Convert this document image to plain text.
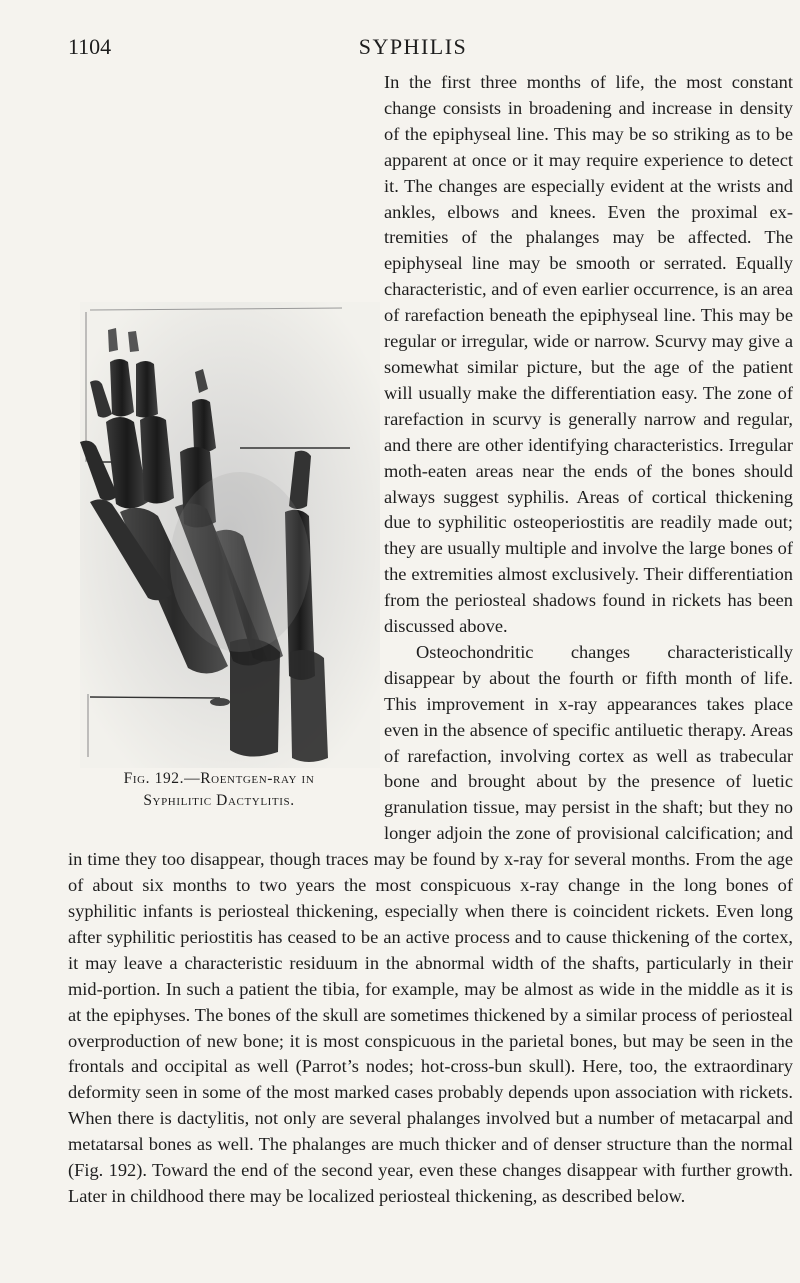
1104	SYPHILIS

Fig. 192.—Roentgen-ray in
Syphilitic Dactylitis.
In the first three months of life, the most constant change consists in broadening and increase in density of the epiphyseal line. This may be so striking as to be apparent at once or it may require experience to detect it. The changes are especially evident at the wrists and ankles, elbows and knees. Even the proximal extremities of the phalanges may be affected. The epiphyseal line may be smooth or serrated. Equally characteristic, and of even earlier occurrence, is an area of rarefaction beneath the epiphyseal line. This may be regular or irregular, wide or narrow. Scurvy may give a somewhat similar picture, but the age of the patient will usually make the differentiation easy. The zone of rarefaction in scurvy is generally narrow and regular, and there are other identifying characteristics. Irregular moth-eaten areas near the ends of the bones should always suggest syphilis. Areas of cortical thickening due to syphilitic osteoperiostitis are readily made out; they are usually multiple and involve the large bones of the extremities almost exclusively. Their differentiation from the periosteal shadows found in rickets has been discussed above.

Osteochondritic changes characteristically disappear by about the fourth or fifth month of life. This improvement in x-ray appearances takes place even in the absence of specific antiluetic therapy. Areas of rarefaction, involving cortex as well as trabecular bone and brought about by the presence of luetic granulation tissue, may persist in the shaft; but they no longer adjoin the zone of provisional calcification; and in time they too disappear, though traces may be found by x-ray for several months. From the age of about six months to two years the most conspicuous x-ray change in the long bones of syphilitic infants is periosteal thickening, especially when there is coincident rickets. Even long after syphilitic periostitis has ceased to be an active process and to cause thickening of the cortex, it may leave a characteristic residuum in the abnormal width of the shafts, particularly in their mid-portion. In such a patient the tibia, for example, may be almost as wide in the middle as it is at the epiphyses. The bones of the skull are sometimes thickened by a similar process of periosteal overproduction of new bone; it is most conspicuous in the parietal bones, but may be seen in the frontals and occipital as well (Parrot’s nodes; hot-cross-bun skull). Here, too, the extraordinary deformity seen in some of the most marked cases probably depends upon association with rickets. When there is dactylitis, not only are several phalanges involved but a number of metacarpal and metatarsal bones as well. The phalanges are much thicker and of denser structure than the normal (Fig. 192). Toward the end of the second year, even these changes disappear with further growth. Later in childhood there may be localized periosteal thickening, as described below.
